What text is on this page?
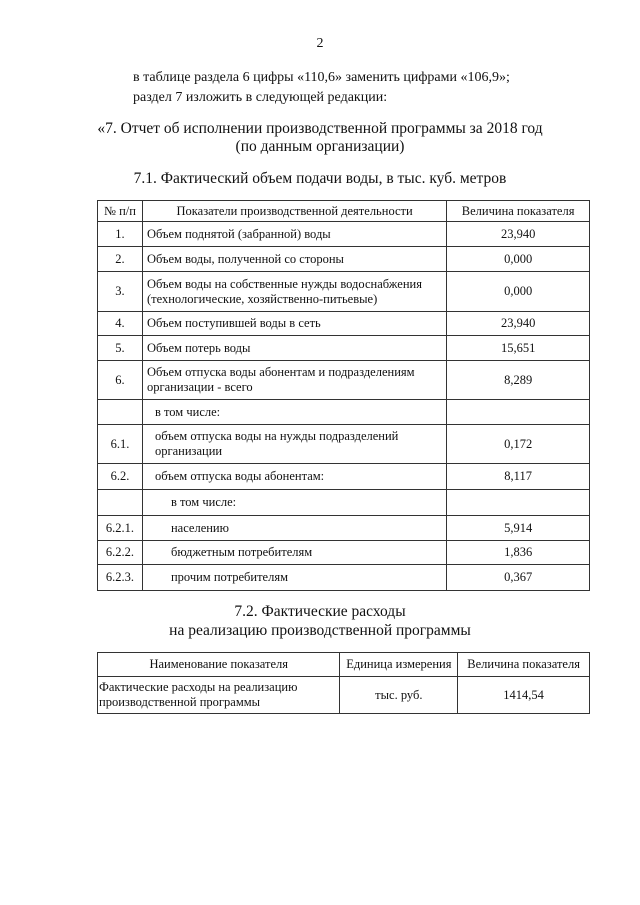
2
в таблице раздела 6 цифры «110,6» заменить цифрами «106,9»;
раздел 7 изложить в следующей редакции:
«7. Отчет об исполнении производственной программы за 2018 год
(по данным организации)
7.1. Фактический объем подачи воды, в тыс. куб. метров
№ п/п	Показатели производственной деятельности	Величина показателя
1.	Объем поднятой (забранной) воды	23,940
2.	Объем воды, полученной со стороны	0,000
3.	Объем воды на собственные нужды водоснабжения (технологические, хозяйственно-питьевые)	0,000
4.	Объем поступившей воды в сеть	23,940
5.	Объем потерь воды	15,651
6.	Объем отпуска воды абонентам и подразделениям организации - всего	8,289
	в том числе:	
6.1.	объем отпуска воды на нужды подразделений организации	0,172
6.2.	объем отпуска воды абонентам:	8,117
	в том числе:	
6.2.1.	населению	5,914
6.2.2.	бюджетным потребителям	1,836
6.2.3.	прочим потребителям	0,367
7.2. Фактические расходы
на реализацию производственной программы
Наименование показателя	Единица измерения	Величина показателя
Фактические расходы на реализацию производственной программы	тыс. руб.	1414,54
